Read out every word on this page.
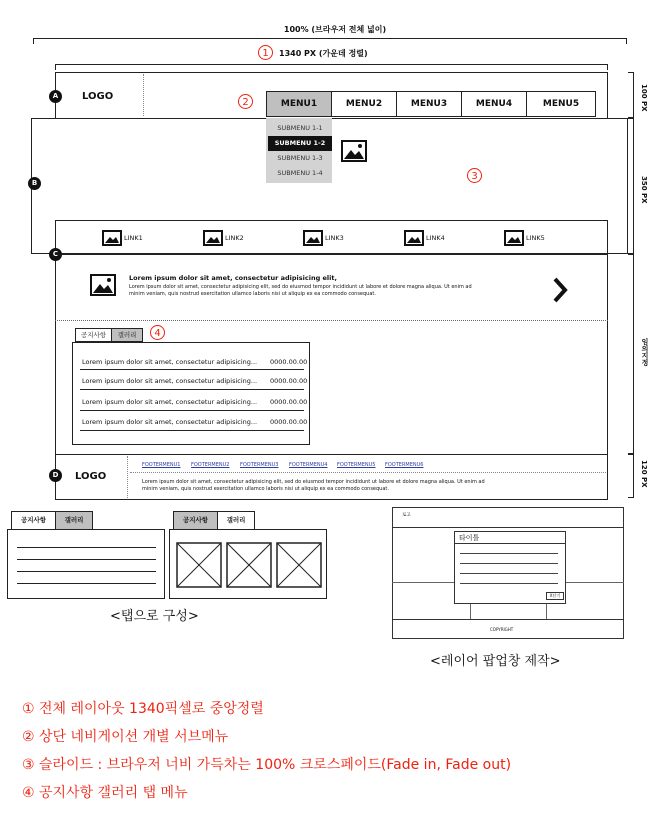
100% (브라우저 전체 넓이)
1	1340 PX (가운데 정렬)
100 PX
350 PX
임의지정
120 PX
A	LOGO
2	MENU1	MENU2	MENU3	MENU4	MENU5
B
3
SUBMENU 1-1
SUBMENU 1-2
SUBMENU 1-3
SUBMENU 1-4
LINK1	LINK2	LINK3	LINK4	LINK5
C
Lorem ipsum dolor sit amet, consectetur adipisicing elit,
Lorem ipsum dolor sit amet, consectetur adipisicing elit, sed do eiusmod tempor incididunt ut labore et dolore magna aliqua. Ut enim ad minim veniam, quis nostrud exercitation ullamco laboris nisi ut aliquip ex ea commodo consequat.
4
공지사항	갤러리
Lorem ipsum dolor sit amet, consectetur adipisicing... 0000.00.00
Lorem ipsum dolor sit amet, consectetur adipisicing... 0000.00.00
Lorem ipsum dolor sit amet, consectetur adipisicing... 0000.00.00
Lorem ipsum dolor sit amet, consectetur adipisicing... 0000.00.00
D	LOGO
FOOTERMENU1 FOOTERMENU2 FOOTERMENU3 FOOTERMENU4 FOOTERMENU5 FOOTERMENU6
Lorem ipsum dolor sit amet, consectetur adipisicing elit, sed do eiusmod tempor incididunt ut labore et dolore magna aliqua. Ut enim ad minim veniam, quis nostrud exercitation ullamco laboris nisi ut aliquip ex ea commodo consequat.
공지사항	갤러리	공지사항	갤러리
<탭으로 구성>
로고
COPYRIGHT
타이틀
X닫기
<레이어 팝업창 제작>
① 전체 레이아웃 1340픽셀로 중앙정렬
② 상단 네비게이션 개별 서브메뉴
③ 슬라이드 : 브라우저 너비 가득차는 100% 크로스페이드(Fade in, Fade out)
④ 공지사항 갤러리 탭 메뉴
